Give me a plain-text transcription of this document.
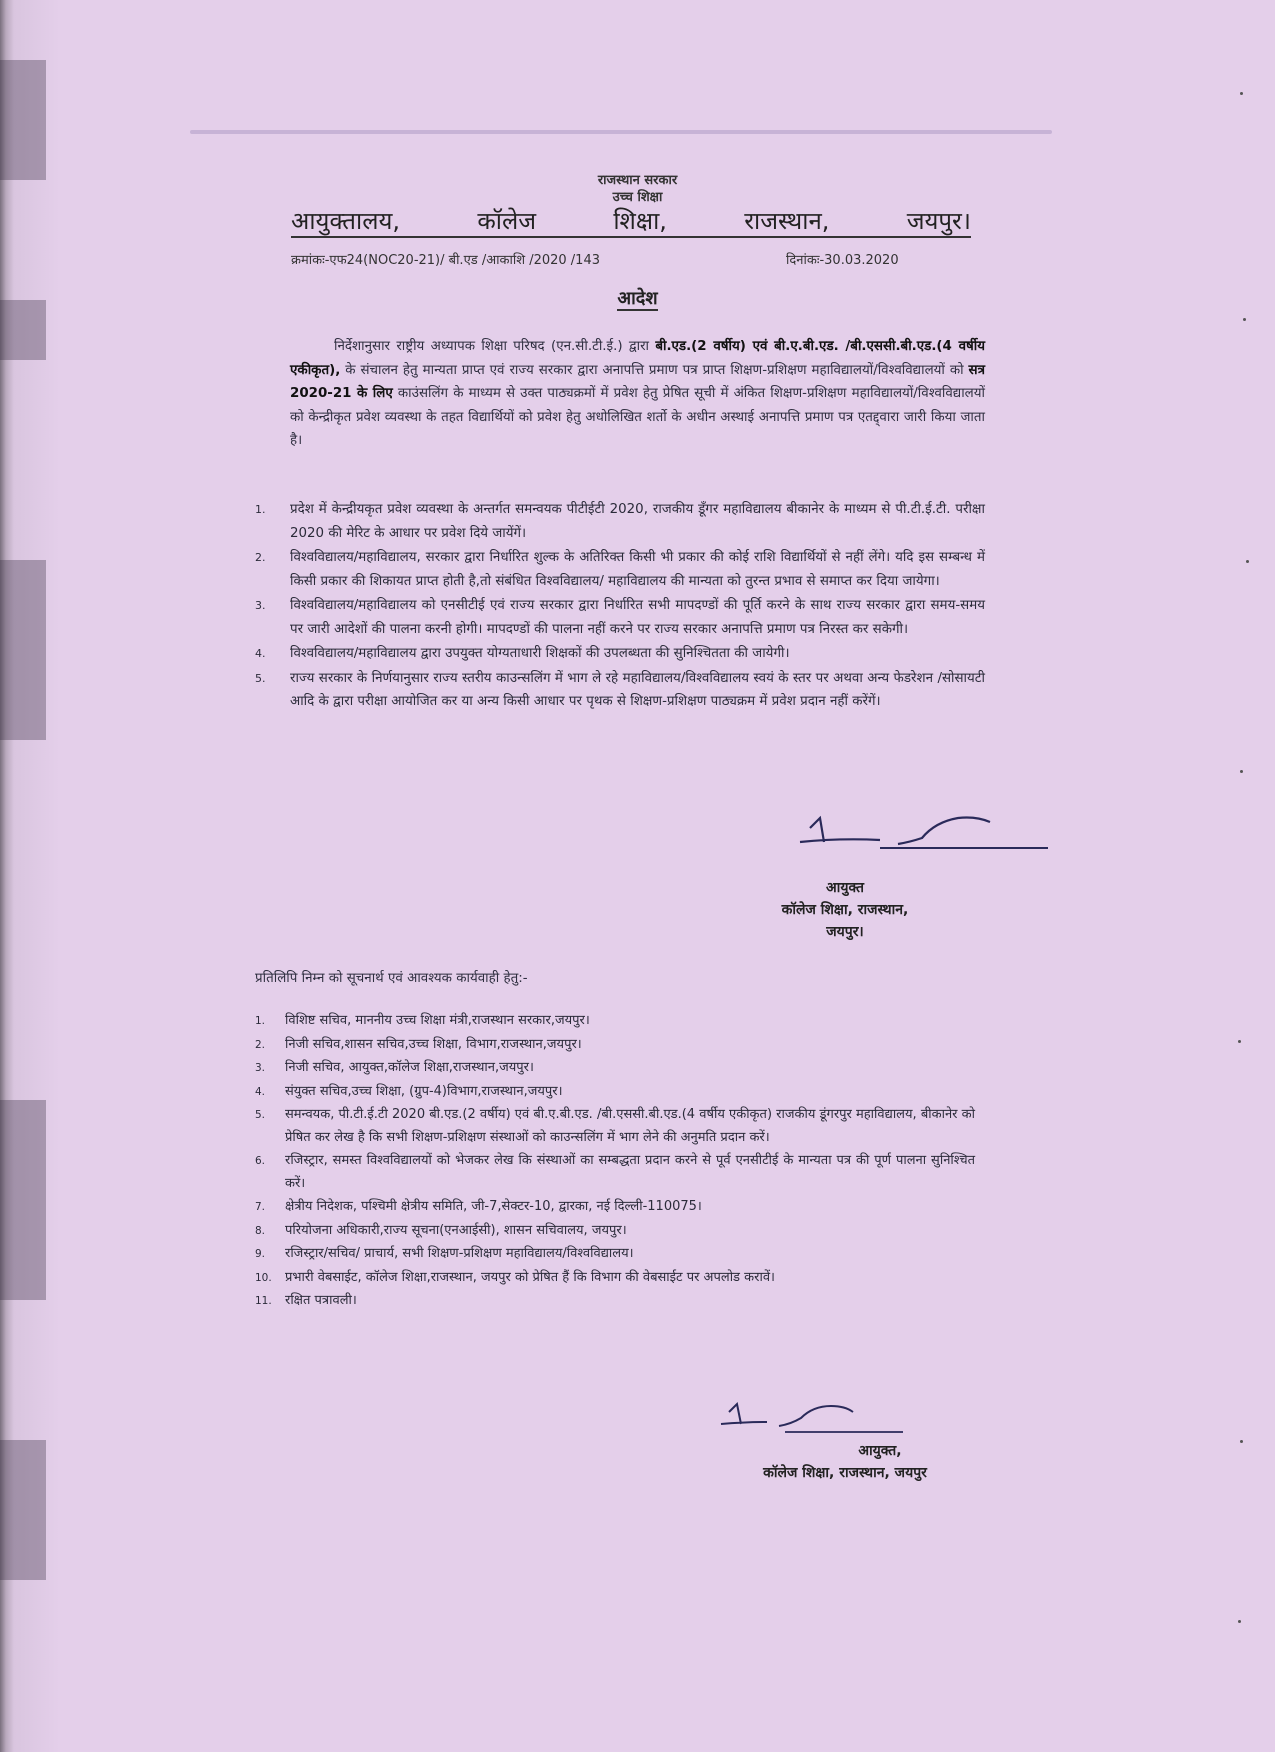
राजस्थान सरकार
उच्च शिक्षा
आयुक्तालय,	कॉलेज	शिक्षा,	राजस्थान,	जयपुर।
क्रमांकः-एफ24(NOC20-21)/ बी.एड /आकाशि /2020 /143	दिनांकः-30.03.2020
आदेश
निर्देशानुसार राष्ट्रीय अध्यापक शिक्षा परिषद (एन.सी.टी.ई.) द्वारा बी.एड.(2 वर्षीय) एवं बी.ए.बी.एड. /बी.एससी.बी.एड.(4 वर्षीय एकीकृत), के संचालन हेतु मान्यता प्राप्त एवं राज्य सरकार द्वारा अनापत्ति प्रमाण पत्र प्राप्त शिक्षण-प्रशिक्षण महाविद्यालयों/विश्वविद्यालयों को सत्र 2020-21 के लिए काउंसलिंग के माध्यम से उक्त पाठ्यक्रमों में प्रवेश हेतु प्रेषित सूची में अंकित शिक्षण-प्रशिक्षण महाविद्यालयों/विश्वविद्यालयों को केन्द्रीकृत प्रवेश व्यवस्था के तहत विद्यार्थियों को प्रवेश हेतु अधोलिखित शर्तो के अधीन अस्थाई अनापत्ति प्रमाण पत्र एतद्द्वारा जारी किया जाता है।
1. प्रदेश में केन्द्रीयकृत प्रवेश व्यवस्था के अन्तर्गत समन्वयक पीटीईटी 2020, राजकीय डूँगर महाविद्यालय बीकानेर के माध्यम से पी.टी.ई.टी. परीक्षा 2020 की मेरिट के आधार पर प्रवेश दिये जायेंगें।
2. विश्वविद्यालय/महाविद्यालय, सरकार द्वारा निर्धारित शुल्क के अतिरिक्त किसी भी प्रकार की कोई राशि विद्यार्थियों से नहीं लेंगे। यदि इस सम्बन्ध में किसी प्रकार की शिकायत प्राप्त होती है,तो संबंधित विश्वविद्यालय/ महाविद्यालय की मान्यता को तुरन्त प्रभाव से समाप्त कर दिया जायेगा।
3. विश्वविद्यालय/महाविद्यालय को एनसीटीई एवं राज्य सरकार द्वारा निर्धारित सभी मापदण्डों की पूर्ति करने के साथ राज्य सरकार द्वारा समय-समय पर जारी आदेशों की पालना करनी होगी। मापदण्डों की पालना नहीं करने पर राज्य सरकार अनापत्ति प्रमाण पत्र निरस्त कर सकेगी।
4. विश्वविद्यालय/महाविद्यालय द्वारा उपयुक्त योग्यताधारी शिक्षकों की उपलब्धता की सुनिश्चितता की जायेगी।
5. राज्य सरकार के निर्णयानुसार राज्य स्तरीय काउन्सलिंग में भाग ले रहे महाविद्यालय/विश्वविद्यालय स्वयं के स्तर पर अथवा अन्य फेडरेशन /सोसायटी आदि के द्वारा परीक्षा आयोजित कर या अन्य किसी आधार पर पृथक से शिक्षण-प्रशिक्षण पाठ्यक्रम में प्रवेश प्रदान नहीं करेंगें।
आयुक्त
कॉलेज शिक्षा, राजस्थान,
जयपुर।
प्रतिलिपि निम्न को सूचनार्थ एवं आवश्यक कार्यवाही हेतु:-
1. विशिष्ट सचिव, माननीय उच्च शिक्षा मंत्री,राजस्थान सरकार,जयपुर।
2. निजी सचिव,शासन सचिव,उच्च शिक्षा, विभाग,राजस्थान,जयपुर।
3. निजी सचिव, आयुक्त,कॉलेज शिक्षा,राजस्थान,जयपुर।
4. संयुक्त सचिव,उच्च शिक्षा, (ग्रुप-4)विभाग,राजस्थान,जयपुर।
5. समन्वयक, पी.टी.ई.टी 2020 बी.एड.(2 वर्षीय) एवं बी.ए.बी.एड. /बी.एससी.बी.एड.(4 वर्षीय एकीकृत) राजकीय डूंगरपुर महाविद्यालय, बीकानेर को प्रेषित कर लेख है कि सभी शिक्षण-प्रशिक्षण संस्थाओं को काउन्सलिंग में भाग लेने की अनुमति प्रदान करें।
6. रजिस्ट्रार, समस्त विश्वविद्यालयों को भेजकर लेख कि संस्थाओं का सम्बद्धता प्रदान करने से पूर्व एनसीटीई के मान्यता पत्र की पूर्ण पालना सुनिश्चित करें।
7. क्षेत्रीय निदेशक, पश्चिमी क्षेत्रीय समिति, जी-7,सेक्टर-10, द्वारका, नई दिल्ली-110075।
8. परियोजना अधिकारी,राज्य सूचना(एनआईसी), शासन सचिवालय, जयपुर।
9. रजिस्ट्रार/सचिव/ प्राचार्य, सभी शिक्षण-प्रशिक्षण महाविद्यालय/विश्वविद्यालय।
10. प्रभारी वेबसाईट, कॉलेज शिक्षा,राजस्थान, जयपुर को प्रेषित हैं कि विभाग की वेबसाईट पर अपलोड करावें।
11. रक्षित पत्रावली।
आयुक्त,
कॉलेज शिक्षा, राजस्थान, जयपुर
